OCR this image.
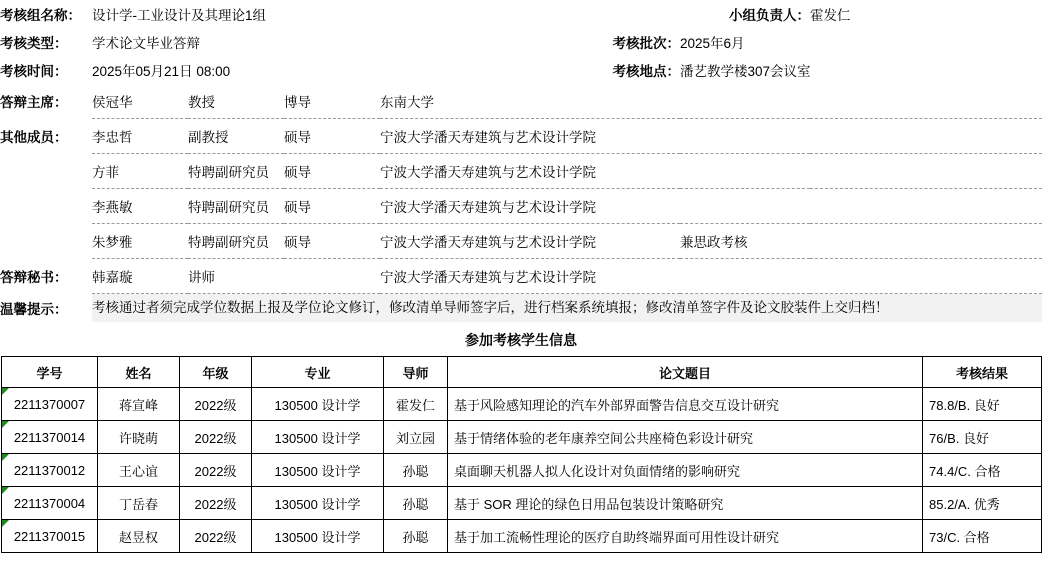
考核组名称：	设计学-工业设计及其理论1组				小组负责人：	霍发仁
考核类型：	学术论文毕业答辩			考核批次：	2025年6月	
考核时间：	2025年05月21日 08:00			考核地点：	潘艺教学楼307会议室	
答辩主席：	侯冠华	教授	博导	东南大学		
其他成员：	李忠哲	副教授	硕导	宁波大学潘天寿建筑与艺术设计学院		
	方菲	特聘副研究员	硕导	宁波大学潘天寿建筑与艺术设计学院		
	李燕敏	特聘副研究员	硕导	宁波大学潘天寿建筑与艺术设计学院		
	朱梦雅	特聘副研究员	硕导	宁波大学潘天寿建筑与艺术设计学院	兼思政考核	
答辩秘书：	韩嘉璇	讲师		宁波大学潘天寿建筑与艺术设计学院		
温馨提示：	考核通过者须完成学位数据上报及学位论文修订，修改清单导师签字后，进行档案系统填报；修改清单签字件及论文胶装件上交归档！					
参加考核学生信息
学号	姓名	年级	专业	导师	论文题目	考核结果

2211370007	蒋宣峰	2022级	130500 设计学	霍发仁	基于风险感知理论的汽车外部界面警告信息交互设计研究	78.8/B. 良好

2211370014	许晓萌	2022级	130500 设计学	刘立园	基于情绪体验的老年康养空间公共座椅色彩设计研究	76/B. 良好

2211370012	王心谊	2022级	130500 设计学	孙聪	桌面聊天机器人拟人化设计对负面情绪的影响研究	74.4/C. 合格

2211370004	丁岳春	2022级	130500 设计学	孙聪	基于 SOR 理论的绿色日用品包装设计策略研究	85.2/A. 优秀

2211370015	赵昱权	2022级	130500 设计学	孙聪	基于加工流畅性理论的医疗自助终端界面可用性设计研究	73/C. 合格
